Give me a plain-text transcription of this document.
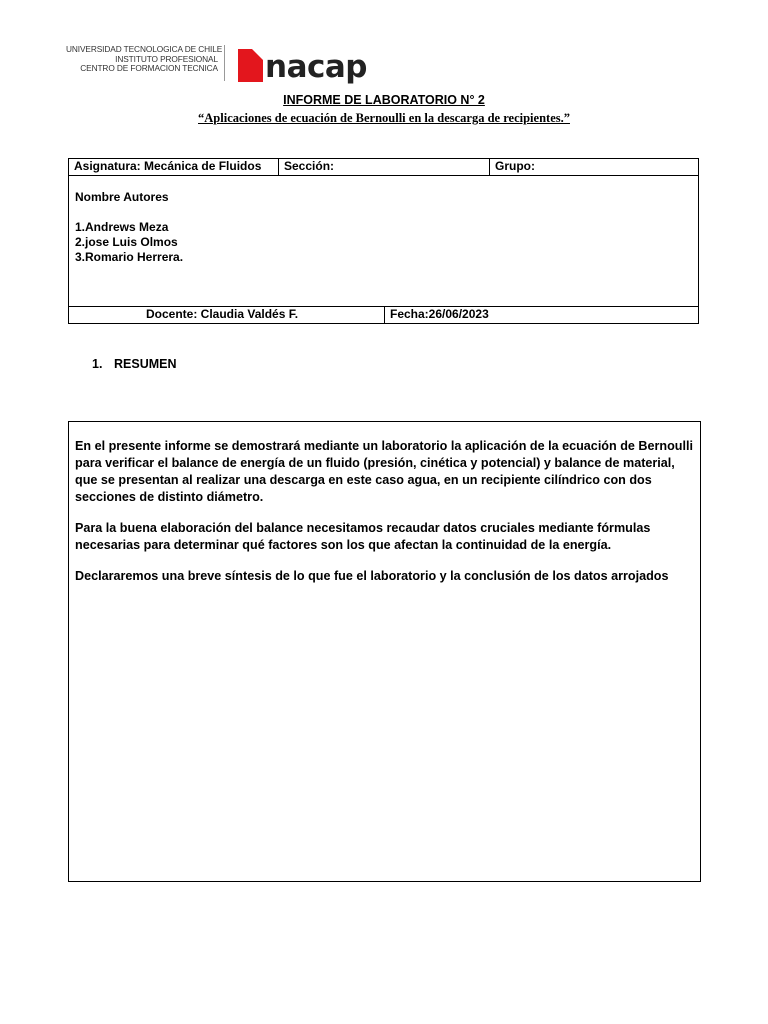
UNIVERSIDAD TECNOLOGICA DE CHILE
INSTITUTO PROFESIONAL
CENTRO DE FORMACION TECNICA nacap
INFORME DE LABORATORIO N° 2
“Aplicaciones de ecuación de Bernoulli en la descarga de recipientes.”
Asignatura: Mecánica de Fluidos	Sección:	Grupo:
Nombre Autores
1.Andrews Meza
2.jose Luis Olmos
3.Romario Herrera.
Docente: Claudia Valdés F.	Fecha:26/06/2023
1. RESUMEN

En el presente informe se demostrará mediante un laboratorio la aplicación de la ecuación de Bernoulli para verificar el balance de energía de un fluido (presión, cinética y potencial) y balance de material, que se presentan al realizar una descarga en este caso agua, en un recipiente cilíndrico con dos secciones de distinto diámetro.

Para la buena elaboración del balance necesitamos recaudar datos cruciales mediante fórmulas necesarias para determinar qué factores son los que afectan la continuidad de la energía.

Declararemos una breve síntesis de lo que fue el laboratorio y la conclusión de los datos arrojados
